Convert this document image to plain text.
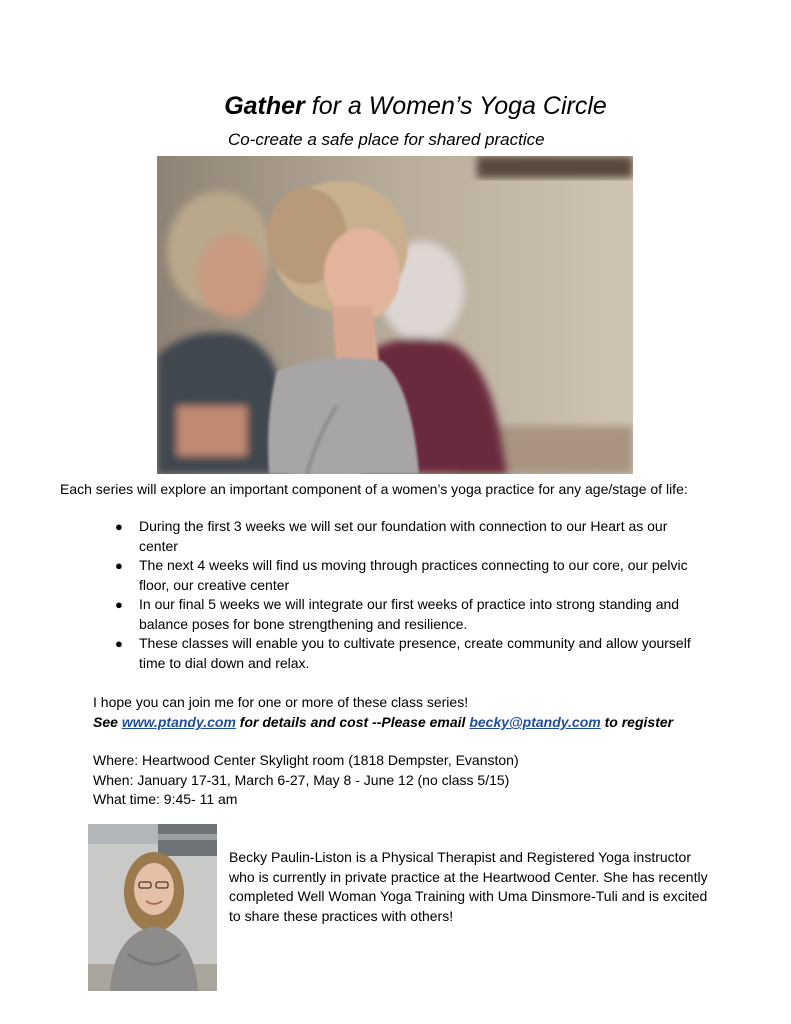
Gather for a Women’s Yoga Circle
Co-create a safe place for shared practice
Each series will explore an important component of a women’s yoga practice for any age/stage of life:
● During the first 3 weeks we will set our foundation with connection to our Heart as our center
● The next 4 weeks will find us moving through practices connecting to our core, our pelvic floor, our creative center
● In our final 5 weeks we will integrate our first weeks of practice into strong standing and balance poses for bone strengthening and resilience.
● These classes will enable you to cultivate presence, create community and allow yourself time to dial down and relax.
I hope you can join me for one or more of these class series!
See www.ptandy.com for details and cost --Please email becky@ptandy.com to register
Where: Heartwood Center Skylight room (1818 Dempster, Evanston)
When: January 17-31, March 6-27, May 8 - June 12 (no class 5/15)
What time: 9:45- 11 am
Becky Paulin-Liston is a Physical Therapist and Registered Yoga instructor who is currently in private practice at the Heartwood Center. She has recently completed Well Woman Yoga Training with Uma Dinsmore-Tuli and is excited to share these practices with others!
